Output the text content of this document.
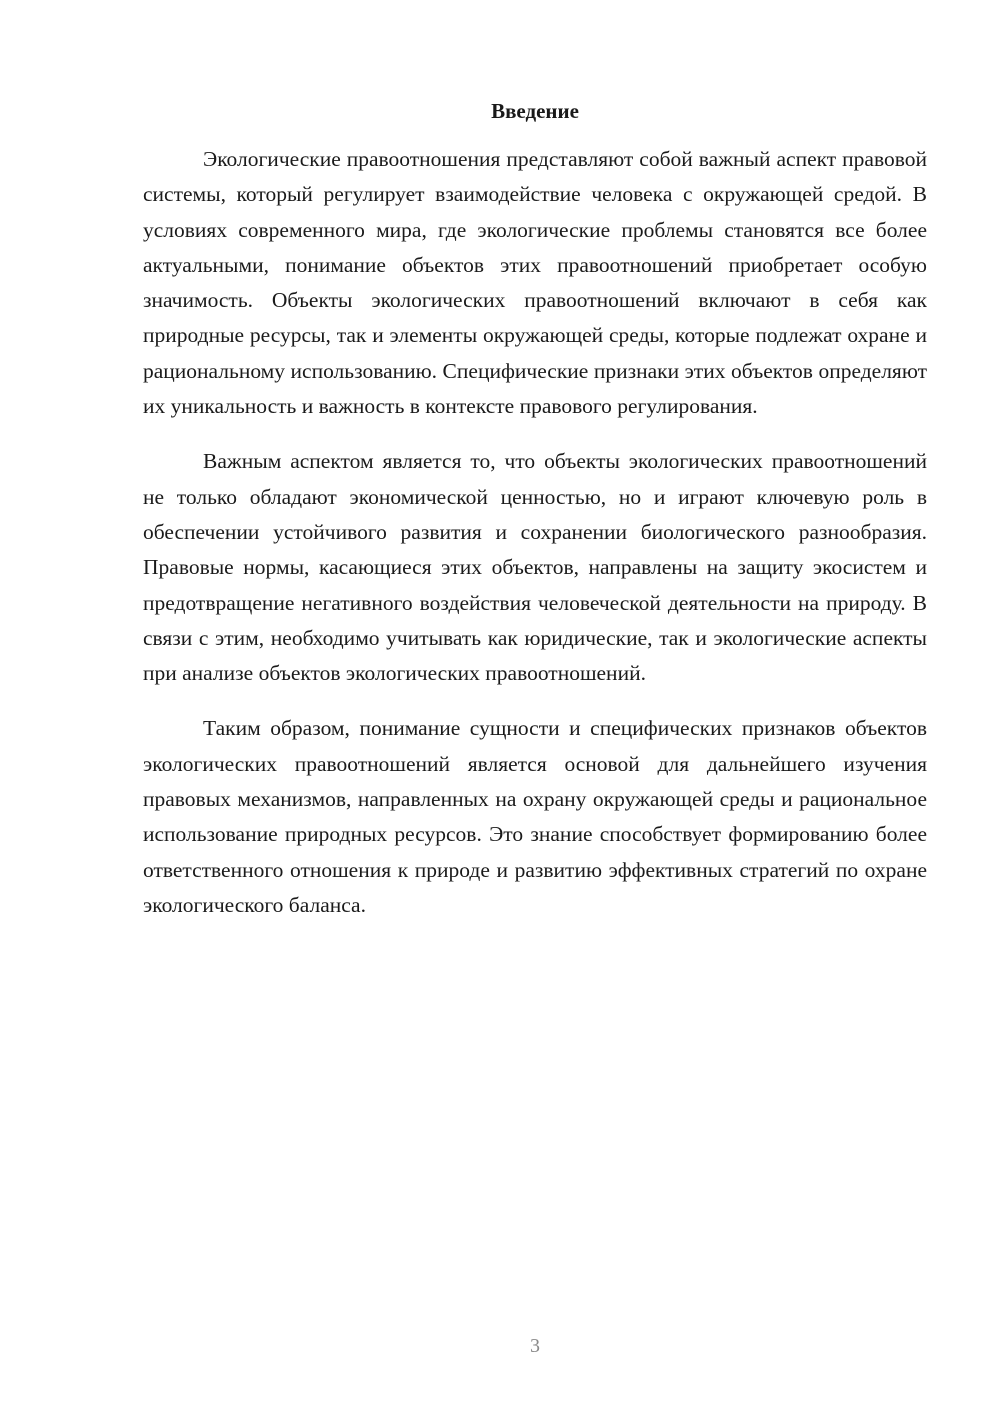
Введение

Экологические правоотношения представляют собой важный аспект правовой системы, который регулирует взаимодействие человека с окружающей средой. В условиях современного мира, где экологические проблемы становятся все более актуальными, понимание объектов этих правоотношений приобретает особую значимость. Объекты экологических правоотношений включают в себя как природные ресурсы, так и элементы окружающей среды, которые подлежат охране и рациональному использованию. Специфические признаки этих объектов определяют их уникальность и важность в контексте правового регулирования.

Важным аспектом является то, что объекты экологических правоотношений не только обладают экономической ценностью, но и играют ключевую роль в обеспечении устойчивого развития и сохранении биологического разнообразия. Правовые нормы, касающиеся этих объектов, направлены на защиту экосистем и предотвращение негативного воздействия человеческой деятельности на природу. В связи с этим, необходимо учитывать как юридические, так и экологические аспекты при анализе объектов экологических правоотношений.

Таким образом, понимание сущности и специфических признаков объектов экологических правоотношений является основой для дальнейшего изучения правовых механизмов, направленных на охрану окружающей среды и рациональное использование природных ресурсов. Это знание способствует формированию более ответственного отношения к природе и развитию эффективных стратегий по охране экологического баланса.

3
